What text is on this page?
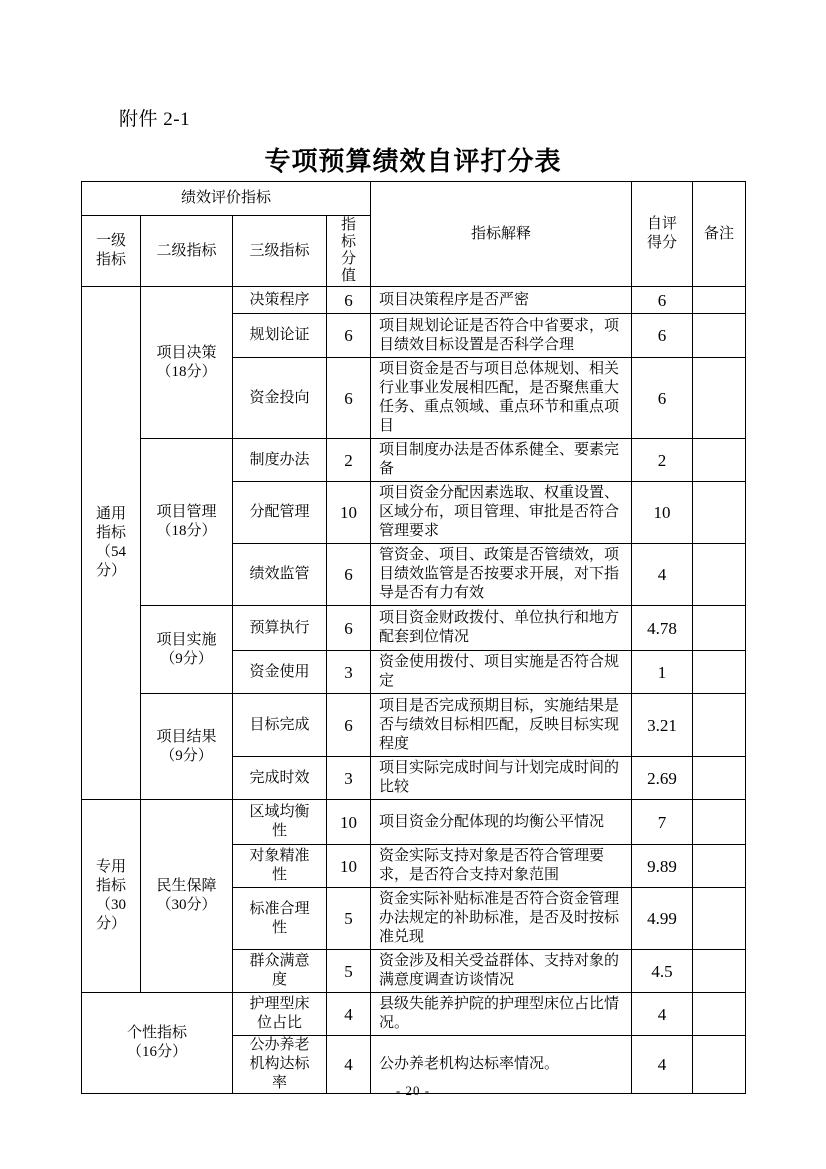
附件 2-1
专项预算绩效自评打分表
绩效评价指标				指标解释	自评得分	备注

一级指标	二级指标	三级指标	指标分值			

通用指标（54分）	项目决策（18分）	决策程序	6	项目决策程序是否严密	6	
		规划论证	6	项目规划论证是否符合中省要求，项目绩效目标设置是否科学合理	6	
		资金投向	6	项目资金是否与项目总体规划、相关行业事业发展相匹配，是否聚焦重大任务、重点领域、重点环节和重点项目	6	
	项目管理（18分）	制度办法	2	项目制度办法是否体系健全、要素完备	2	
		分配管理	10	项目资金分配因素选取、权重设置、区域分布，项目管理、审批是否符合管理要求	10	
		绩效监管	6	管资金、项目、政策是否管绩效，项目绩效监管是否按要求开展，对下指导是否有力有效	4	
	项目实施（9分）	预算执行	6	项目资金财政拨付、单位执行和地方配套到位情况	4.78	
		资金使用	3	资金使用拨付、项目实施是否符合规定	1	
	项目结果（9分）	目标完成	6	项目是否完成预期目标，实施结果是否与绩效目标相匹配，反映目标实现程度	3.21	
		完成时效	3	项目实际完成时间与计划完成时间的比较	2.69	
专用指标（30分）	民生保障（30分）	区域均衡性	10	项目资金分配体现的均衡公平情况	7	
		对象精准性	10	资金实际支持对象是否符合管理要求，是否符合支持对象范围	9.89	
		标准合理性	5	资金实际补贴标准是否符合资金管理办法规定的补助标准，是否及时按标准兑现	4.99	
		群众满意度	5	资金涉及相关受益群体、支持对象的满意度调查访谈情况	4.5	
个性指标（16分）		护理型床位占比	4	县级失能养护院的护理型床位占比情况。	4	
		公办养老机构达标率	4	公办养老机构达标率情况。	4	
- 20 -
